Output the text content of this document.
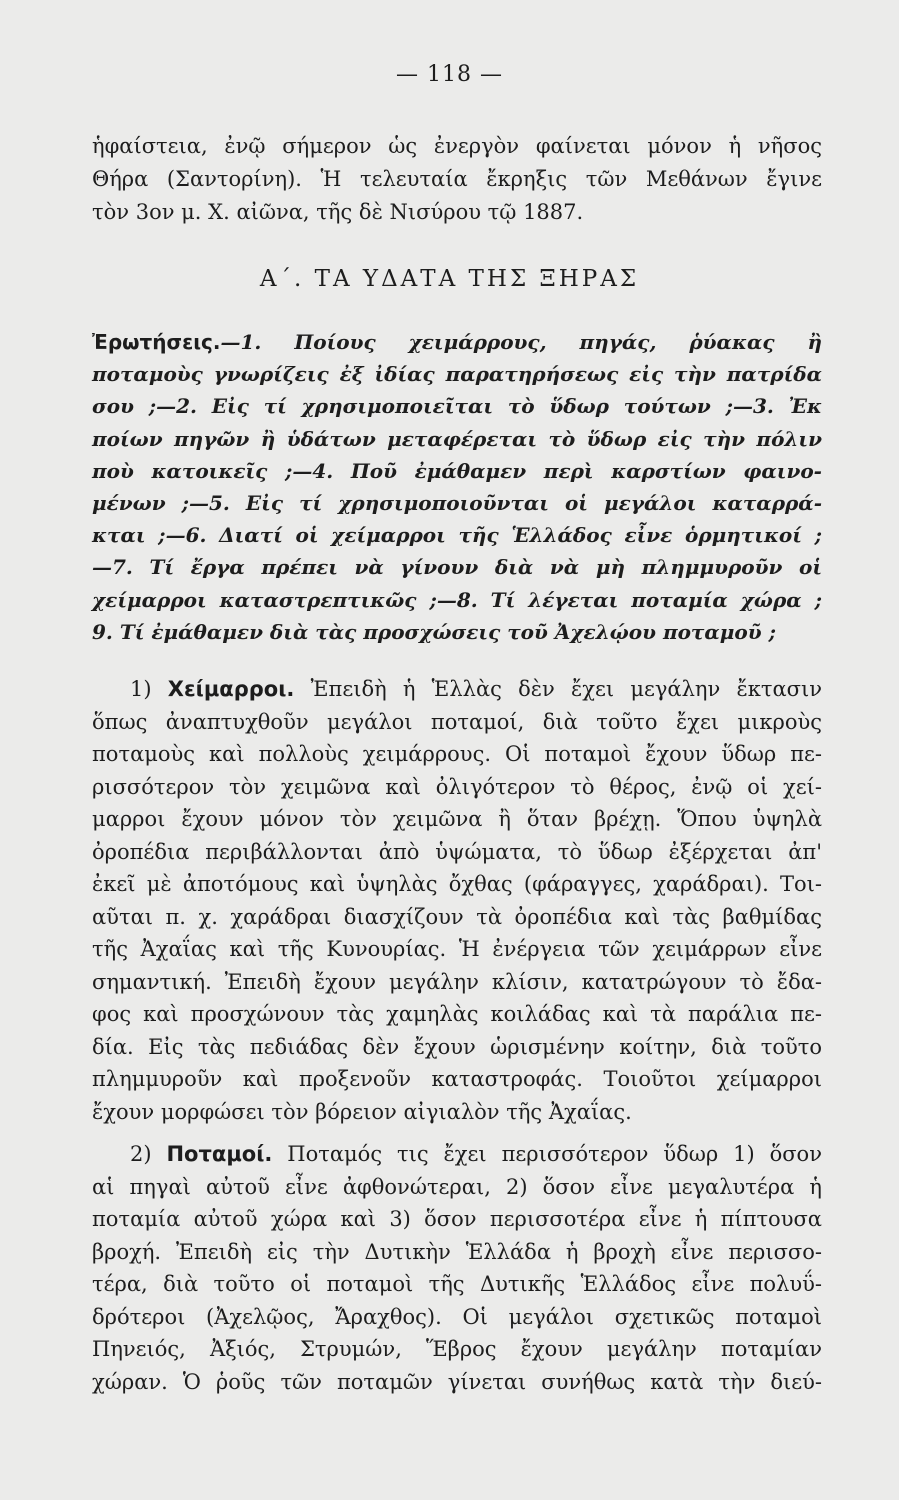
— 118 —
ἡφαίστεια, ἐνῷ σήμερον ὡς ἐνεργὸν φαίνεται μόνον ἡ νῆσος
Θήρα (Σαντορίνη). Ἡ τελευταία ἔκρηξις τῶν Μεθάνων ἔγινε
τὸν 3ον μ. Χ. αἰῶνα, τῆς δὲ Νισύρου τῷ 1887.
Α΄. ΤΑ ΥΔΑΤΑ ΤΗΣ ΞΗΡΑΣ
Ἐρωτήσεις.—1. Ποίους χειμάρρους, πηγάς, ῥύακας ἢ
ποταμοὺς γνωρίζεις ἐξ ἰδίας παρατηρήσεως εἰς τὴν πατρίδα
σου ;—2. Εἰς τί χρησιμοποιεῖται τὸ ὕδωρ τούτων ;—3. Ἐκ
ποίων πηγῶν ἢ ὑδάτων μεταφέρεται τὸ ὕδωρ εἰς τὴν πόλιν
ποὺ κατοικεῖς ;—4. Ποῦ ἐμάθαμεν περὶ καρστίων φαινο-
μένων ;—5. Εἰς τί χρησιμοποιοῦνται οἱ μεγάλοι καταρρά-
κται ;—6. Διατί οἱ χείμαρροι τῆς Ἑλλάδος εἶνε ὁρμητικοί ;
—7. Τί ἔργα πρέπει νὰ γίνουν διὰ νὰ μὴ πλημμυροῦν οἱ
χείμαρροι καταστρεπτικῶς ;—8. Τί λέγεται ποταμία χώρα ;
9. Τί ἐμάθαμεν διὰ τὰς προσχώσεις τοῦ Ἀχελῴου ποταμοῦ ;
1) Χείμαρροι. Ἐπειδὴ ἡ Ἑλλὰς δὲν ἔχει μεγάλην ἔκτασιν
ὅπως ἀναπτυχθοῦν μεγάλοι ποταμοί, διὰ τοῦτο ἔχει μικροὺς
ποταμοὺς καὶ πολλοὺς χειμάρρους. Οἱ ποταμοὶ ἔχουν ὕδωρ πε-
ρισσότερον τὸν χειμῶνα καὶ ὀλιγότερον τὸ θέρος, ἐνῷ οἱ χεί-
μαρροι ἔχουν μόνον τὸν χειμῶνα ἢ ὅταν βρέχῃ. Ὅπου ὑψηλὰ
ὀροπέδια περιβάλλονται ἀπὸ ὑψώματα, τὸ ὕδωρ ἐξέρχεται ἀπ'
ἐκεῖ μὲ ἀποτόμους καὶ ὑψηλὰς ὄχθας (φάραγγες, χαράδραι). Τοι-
αῦται π. χ. χαράδραι διασχίζουν τὰ ὀροπέδια καὶ τὰς βαθμίδας
τῆς Ἀχαΐας καὶ τῆς Κυνουρίας. Ἡ ἐνέργεια τῶν χειμάρρων εἶνε
σημαντική. Ἐπειδὴ ἔχουν μεγάλην κλίσιν, κατατρώγουν τὸ ἔδα-
φος καὶ προσχώνουν τὰς χαμηλὰς κοιλάδας καὶ τὰ παράλια πε-
δία. Εἰς τὰς πεδιάδας δὲν ἔχουν ὡρισμένην κοίτην, διὰ τοῦτο
πλημμυροῦν καὶ προξενοῦν καταστροφάς. Τοιοῦτοι χείμαρροι
ἔχουν μορφώσει τὸν βόρειον αἰγιαλὸν τῆς Ἀχαΐας.
2) Ποταμοί. Ποταμός τις ἔχει περισσότερον ὕδωρ 1) ὅσον
αἱ πηγαὶ αὐτοῦ εἶνε ἀφθονώτεραι, 2) ὅσον εἶνε μεγαλυτέρα ἡ
ποταμία αὐτοῦ χώρα καὶ 3) ὅσον περισσοτέρα εἶνε ἡ πίπτουσα
βροχή. Ἐπειδὴ εἰς τὴν Δυτικὴν Ἑλλάδα ἡ βροχὴ εἶνε περισσο-
τέρα, διὰ τοῦτο οἱ ποταμοὶ τῆς Δυτικῆς Ἑλλάδος εἶνε πολυΰ-
δρότεροι (Ἀχελῷος, Ἄραχθος). Οἱ μεγάλοι σχετικῶς ποταμοὶ
Πηνειός, Ἀξιός, Στρυμών, Ἕβρος ἔχουν μεγάλην ποταμίαν
χώραν. Ὁ ῥοῦς τῶν ποταμῶν γίνεται συνήθως κατὰ τὴν διεύ-
